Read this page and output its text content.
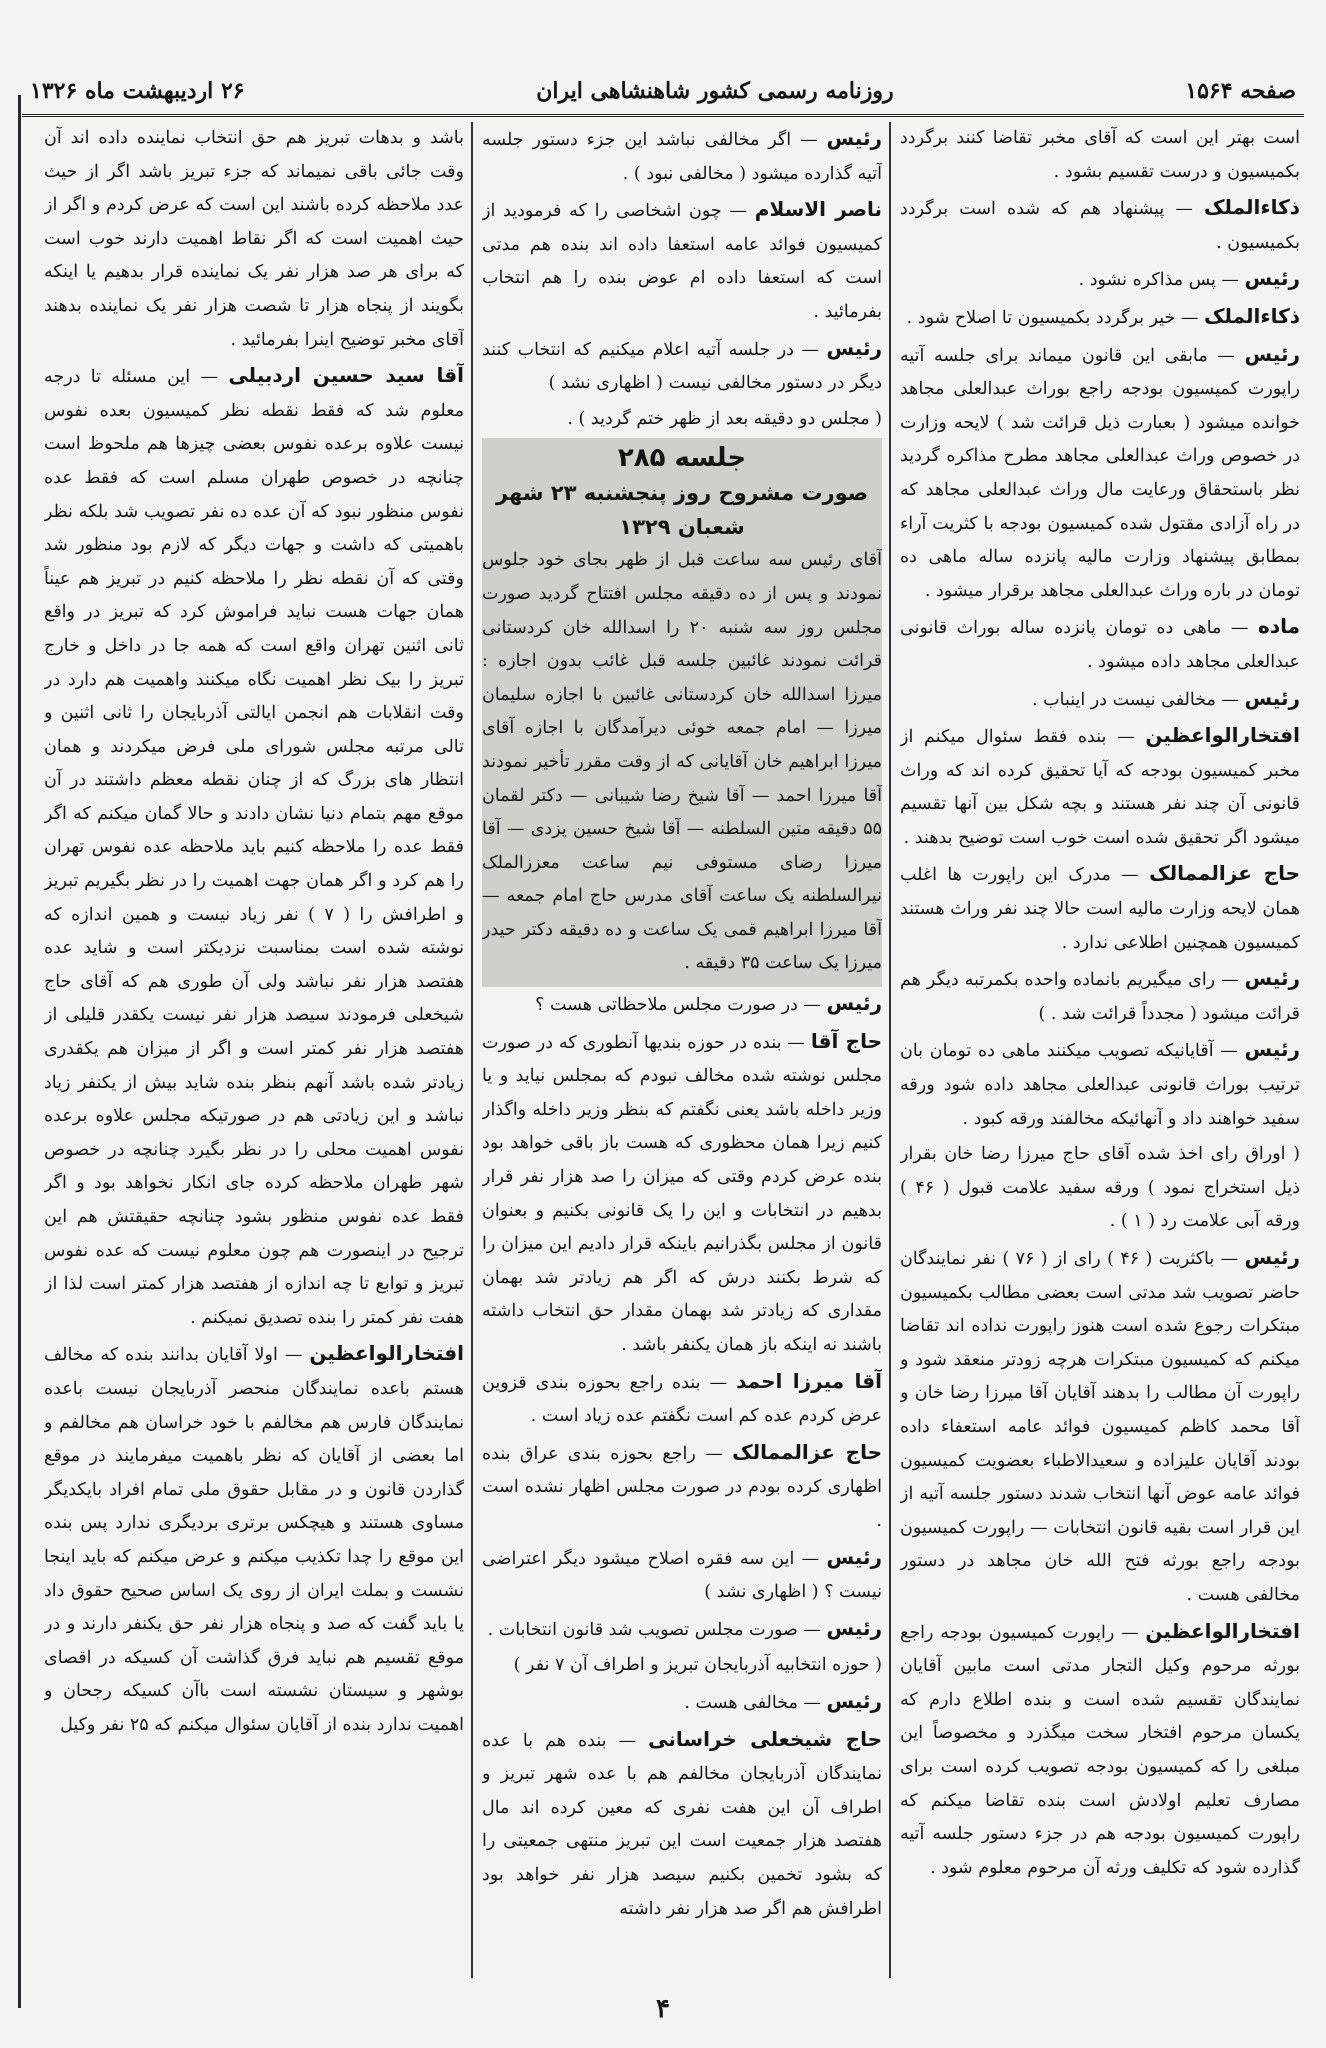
صفحه ۱۵۶۴
روزنامه رسمی کشور شاهنشاهی ایران
۲۶ اردیبهشت ماه ۱۳۲۶

است بهتر این است که آقای مخبر تقاضا کنند برگردد بکمیسیون و درست تقسیم بشود .

ذکاءالملک — پیشنهاد هم که شده است برگردد بکمیسیون .

رئیس — پس مذاکره نشود .

ذکاءالملک — خیر برگردد بکمیسیون تا اصلاح شود .

رئیس — مابقی این قانون میماند برای جلسه آتیه راپورت کمیسیون بودجه راجع بوراث عبدالعلی مجاهد خوانده میشود ( بعبارت ذیل قرائت شد ) لایحه وزارت در خصوص وراث عبدالعلی مجاهد مطرح مذاکره گردید نظر باستحقاق ورعایت مال وراث عبدالعلی مجاهد که در راه آزادی مقتول شده کمیسیون بودجه با کثریت آراء بمطابق پیشنهاد وزارت مالیه پانزده ساله ماهی ده تومان در باره وراث عبدالعلی مجاهد برقرار میشود .

ماده — ماهی ده تومان پانزده ساله بوراث قانونی عبدالعلی مجاهد داده میشود .

رئیس — مخالفی نیست در اینباب .

افتخارالواعظین — بنده فقط سئوال میکنم از مخبر کمیسیون بودجه که آیا تحقیق کرده اند که وراث قانونی آن چند نفر هستند و بچه شکل بین آنها تقسیم میشود اگر تحقیق شده است خوب است توضیح بدهند .

حاج عزالممالک — مدرک این راپورت ها اغلب همان لایحه وزارت مالیه است حالا چند نفر وراث هستند کمیسیون همچنین اطلاعی ندارد .

رئیس — رای میگیریم بانماده واحده بکمرتبه دیگر هم قرائت میشود ( مجدداً قرائت شد . )

رئیس — آقایانیکه تصویب میکنند ماهی ده تومان بان ترتیب بوراث قانونی عبدالعلی مجاهد داده شود ورقه سفید خواهند داد و آنهائیکه مخالفند ورقه کبود .

( اوراق رای اخذ شده آقای حاج میرزا رضا خان بقرار ذیل استخراج نمود ) ورقه سفید علامت قبول ( ۴۶ ) ورقه آبی علامت رد ( ۱ ) .

رئیس — باکثریت ( ۴۶ ) رای از ( ۷۶ ) نفر نمایندگان حاضر تصویب شد مدتی است بعضی مطالب بکمیسیون مبتکرات رجوع شده است هنوز راپورت نداده اند تقاضا میکنم که کمیسیون مبتکرات هرچه زودتر منعقد شود و راپورت آن مطالب را بدهند آقایان آقا میرزا رضا خان و آقا محمد کاظم کمیسیون فوائد عامه استعفاء داده بودند آقایان علیزاده و سعیدالاطباء بعضویت کمیسیون فوائد عامه عوض آنها انتخاب شدند دستور جلسه آتیه از این قرار است بقیه قانون انتخابات — راپورت کمیسیون بودجه راجع بورثه فتح الله خان مجاهد در دستور مخالفی هست .

افتخارالواعظین — راپورت کمیسیون بودجه راجع بورثه مرحوم وکیل التجار مدتی است مابین آقایان نمایندگان تقسیم شده است و بنده اطلاع دارم که یکسان مرحوم افتخار سخت میگذرد و مخصوصاً این مبلغی را که کمیسیون بودجه تصویب کرده است برای مصارف تعلیم اولادش است بنده تقاضا میکنم که راپورت کمیسیون بودجه هم در جزء دستور جلسه آتیه گذارده شود که تکلیف ورثه آن مرحوم معلوم شود .

رئیس — اگر مخالفی نباشد این جزء دستور جلسه آتیه گذارده میشود ( مخالفی نبود ) .

ناصر الاسلام — چون اشخاصی را که فرمودید از کمیسیون فوائد عامه استعفا داده اند بنده هم مدتی است که استعفا داده ام عوض بنده را هم انتخاب بفرمائید .

رئیس — در جلسه آتیه اعلام میکنیم که انتخاب کنند دیگر در دستور مخالفی نیست ( اظهاری نشد )

( مجلس دو دقیقه بعد از ظهر ختم گردید ) .

جلسه ۲۸۵
صورت مشروح روز پنجشنبه ۲۳ شهر شعبان ۱۳۲۹

آقای رئیس سه ساعت قبل از ظهر بجای خود جلوس نمودند و پس از ده دقیقه مجلس افتتاح گردید صورت مجلس روز سه شنبه ۲۰ را اسدالله خان کردستانی قرائت نمودند غائبین جلسه قبل غائب بدون اجازه : میرزا اسدالله خان کردستانی غائبین با اجازه سلیمان میرزا — امام جمعه خوئی دیرآمدگان با اجازه آقای میرزا ابراهیم خان آقایانی که از وقت مقرر تأخیر نمودند آقا میرزا احمد — آقا شیخ رضا شیبانی — دکتر لقمان ۵۵ دقیقه متین السلطنه — آقا شیخ حسین یزدی — آقا میرزا رضای مستوفی نیم ساعت معززالملک نیرالسلطنه یک ساعت آقای مدرس حاج امام جمعه — آقا میرزا ابراهیم قمی یک ساعت و ده دقیقه دکتر حیدر میرزا یک ساعت ۳۵ دقیقه .

رئیس — در صورت مجلس ملاحظاتی هست ؟

حاج آقا — بنده در حوزه بندیها آنطوری که در صورت مجلس نوشته شده مخالف نبودم که بمجلس نیاید و یا وزیر داخله باشد یعنی نگفتم که بنظر وزیر داخله واگذار کنیم زیرا همان محظوری که هست باز باقی خواهد بود بنده عرض کردم وقتی که میزان را صد هزار نفر قرار بدهیم در انتخابات و این را یک قانونی بکنیم و بعنوان قانون از مجلس بگذرانیم باینکه قرار دادیم این میزان را که شرط بکنند درش که اگر هم زیادتر شد بهمان مقداری که زیادتر شد بهمان مقدار حق انتخاب داشته باشند نه اینکه باز همان یکنفر باشد .

آقا میرزا احمد — بنده راجع بحوزه بندی قزوین عرض کردم عده کم است نگفتم عده زیاد است .

حاج عزالممالک — راجع بحوزه بندی عراق بنده اظهاری کرده بودم در صورت مجلس اظهار نشده است .

رئیس — این سه فقره اصلاح میشود دیگر اعتراضی نیست ؟ ( اظهاری نشد )

رئیس — صورت مجلس تصویب شد قانون انتخابات .

( حوزه انتخابیه آذربایجان تبریز و اطراف آن ۷ نفر )

رئیس — مخالفی هست .

حاج شیخعلی خراسانی — بنده هم با عده نمایندگان آذربایجان مخالفم هم با عده شهر تبریز و اطراف آن این هفت نفری که معین کرده اند مال هفتصد هزار جمعیت است این تبریز منتهی جمعیتی را که بشود تخمین بکنیم سیصد هزار نفر خواهد بود اطرافش هم اگر صد هزار نفر داشته

باشد و بدهات تبریز هم حق انتخاب نماینده داده اند آن وقت جائی باقی نمیماند که جزء تبریز باشد اگر از حیث عدد ملاحظه کرده باشند این است که عرض کردم و اگر از حیث اهمیت است که اگر نقاط اهمیت دارند خوب است که برای هر صد هزار نفر یک نماینده قرار بدهیم یا اینکه بگویند از پنجاه هزار تا شصت هزار نفر یک نماینده بدهند آقای مخبر توضیح اینرا بفرمائید .

آقا سید حسین اردبیلی — این مسئله تا درجه معلوم شد که فقط نقطه نظر کمیسیون بعده نفوس نیست علاوه برعده نفوس بعضی چیزها هم ملحوظ است چنانچه در خصوص طهران مسلم است که فقط عده نفوس منظور نبود که آن عده ده نفر تصویب شد بلکه نظر باهمیتی که داشت و جهات دیگر که لازم بود منظور شد وقتی که آن نقطه نظر را ملاحظه کنیم در تبریز هم عیناً همان جهات هست نباید فراموش کرد که تبریز در واقع ثانی اثنین تهران واقع است که همه جا در داخل و خارج تبریز را بیک نظر اهمیت نگاه میکنند واهمیت هم دارد در وقت انقلابات هم انجمن ایالتی آذربایجان را ثانی اثنین و تالی مرتبه مجلس شورای ملی فرض میکردند و همان انتظار های بزرگ که از چنان نقطه معظم داشتند در آن موقع مهم بتمام دنیا نشان دادند و حالا گمان میکنم که اگر فقط عده را ملاحظه کنیم باید ملاحظه عده نفوس تهران را هم کرد و اگر همان جهت اهمیت را در نظر بگیریم تبریز و اطرافش را ( ۷ ) نفر زیاد نیست و همین اندازه که نوشته شده است بمناسبت نزدیکتر است و شاید عده هفتصد هزار نفر نباشد ولی آن طوری هم که آقای حاج شیخعلی فرمودند سیصد هزار نفر نیست یکقدر قلیلی از هفتصد هزار نفر کمتر است و اگر از میزان هم یکقدری زیادتر شده باشد آنهم بنظر بنده شاید بیش از یکنفر زیاد نباشد و این زیادتی هم در صورتیکه مجلس علاوه برعده نفوس اهمیت محلی را در نظر بگیرد چنانچه در خصوص شهر طهران ملاحظه کرده جای انکار نخواهد بود و اگر فقط عده نفوس منظور بشود چنانچه حقیقتش هم این ترجیح در اینصورت هم چون معلوم نیست که عده نفوس تبریز و توابع تا چه اندازه از هفتصد هزار کمتر است لذا از هفت نفر کمتر را بنده تصدیق نمیکنم .

افتخارالواعظین — اولا آقایان بدانند بنده که مخالف هستم باعده نمایندگان منحصر آذربایجان نیست باعده نمایندگان فارس هم مخالفم با خود خراسان هم مخالفم و اما بعضی از آقایان که نظر باهمیت میفرمایند در موقع گذاردن قانون و در مقابل حقوق ملی تمام افراد بایکدیگر مساوی هستند و هیچکس برتری بردیگری ندارد پس بنده این موقع را چدا تکذیب میکنم و عرض میکنم که باید اینجا نشست و بملت ایران از روی یک اساس صحیح حقوق داد یا باید گفت که صد و پنجاه هزار نفر حق یکنفر دارند و در موقع تقسیم هم نباید فرق گذاشت آن کسیکه در اقصای بوشهر و سیستان نشسته است باآن کسیکه رجحان و اهمیت ندارد بنده از آقایان سئوال میکنم که ۲۵ نفر وکیل

۴
